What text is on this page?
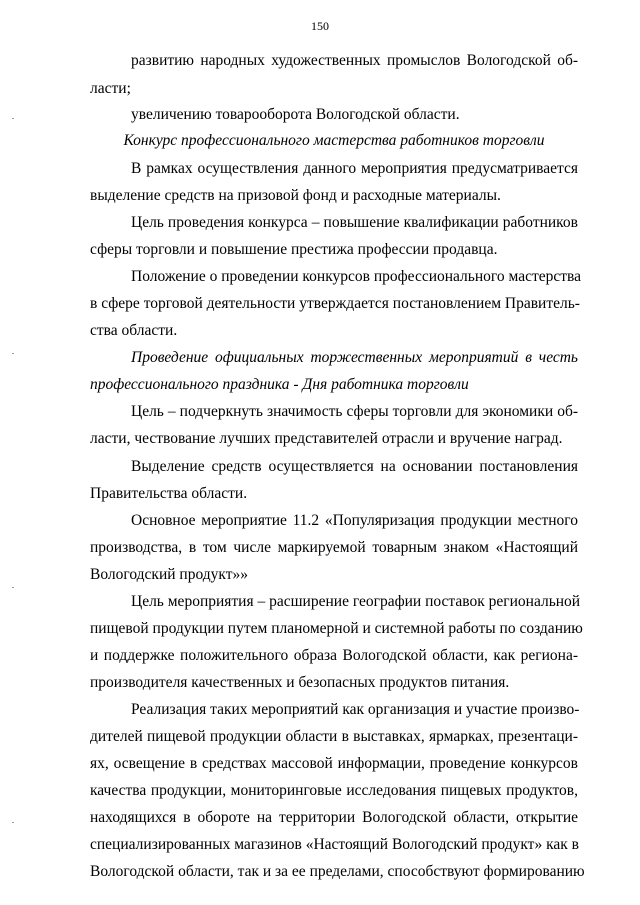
150
развитию народных художественных промыслов Вологодской об-
ласти;
увеличению товарооборота Вологодской области.
Конкурс профессионального мастерства работников торговли
В рамках осуществления данного мероприятия предусматривается
выделение средств на призовой фонд и расходные материалы.
Цель проведения конкурса – повышение квалификации работников
сферы торговли и повышение престижа профессии продавца.
Положение о проведении конкурсов профессионального мастерства
в сфере торговой деятельности утверждается постановлением Правитель-
ства области.
Проведение официальных торжественных мероприятий в честь
профессионального праздника - Дня работника торговли
Цель – подчеркнуть значимость сферы торговли для экономики об-
ласти, чествование лучших представителей отрасли и вручение наград.
Выделение средств осуществляется на основании постановления
Правительства области.
Основное мероприятие 11.2 «Популяризация продукции местного
производства, в том числе маркируемой товарным знаком «Настоящий
Вологодский продукт»»
Цель мероприятия – расширение географии поставок региональной
пищевой продукции путем планомерной и системной работы по созданию
и поддержке положительного образа Вологодской области, как региона-
производителя качественных и безопасных продуктов питания.
Реализация таких мероприятий как организация и участие произво-
дителей пищевой продукции области в выставках, ярмарках, презентаци-
ях, освещение в средствах массовой информации, проведение конкурсов
качества продукции, мониторинговые исследования пищевых продуктов,
находящихся в обороте на территории Вологодской области, открытие
специализированных магазинов «Настоящий Вологодский продукт» как в
Вологодской области, так и за ее пределами, способствуют формированию
